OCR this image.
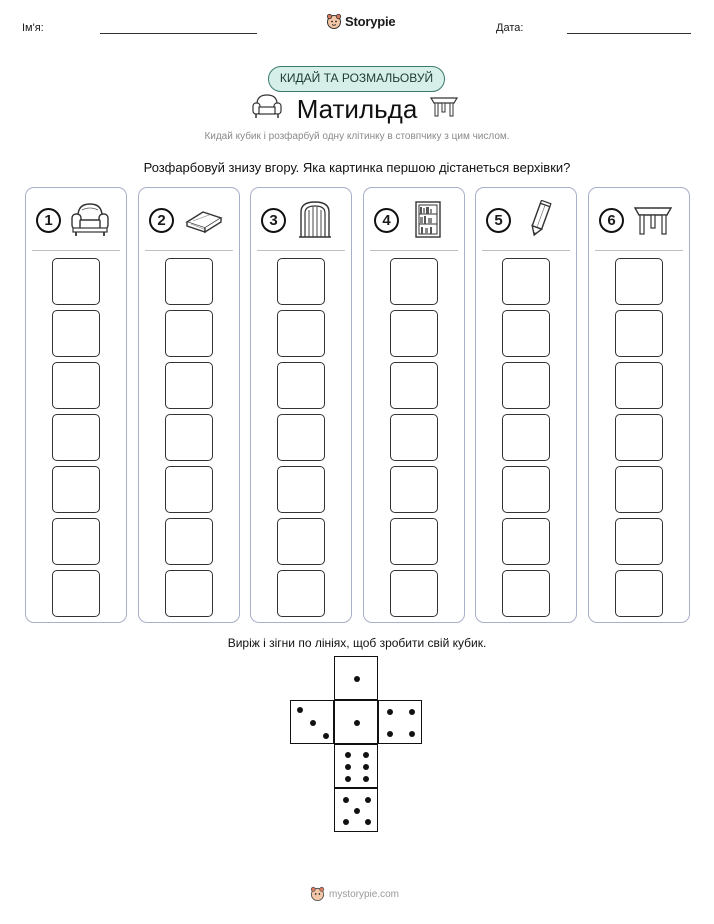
Ім'я:	Storypie	Дата:
КИДАЙ ТА РОЗМАЛЬОВУЙ
Матильда
Кидай кубик і розфарбуй одну клітинку в стовпчику з цим числом.
Розфарбовуй знизу вгору. Яка картинка першою дістанеться верхівки?
1	2	3	4	5	6
Виріж і зігни по лініях, щоб зробити свій кубик.
mystorypie.com
